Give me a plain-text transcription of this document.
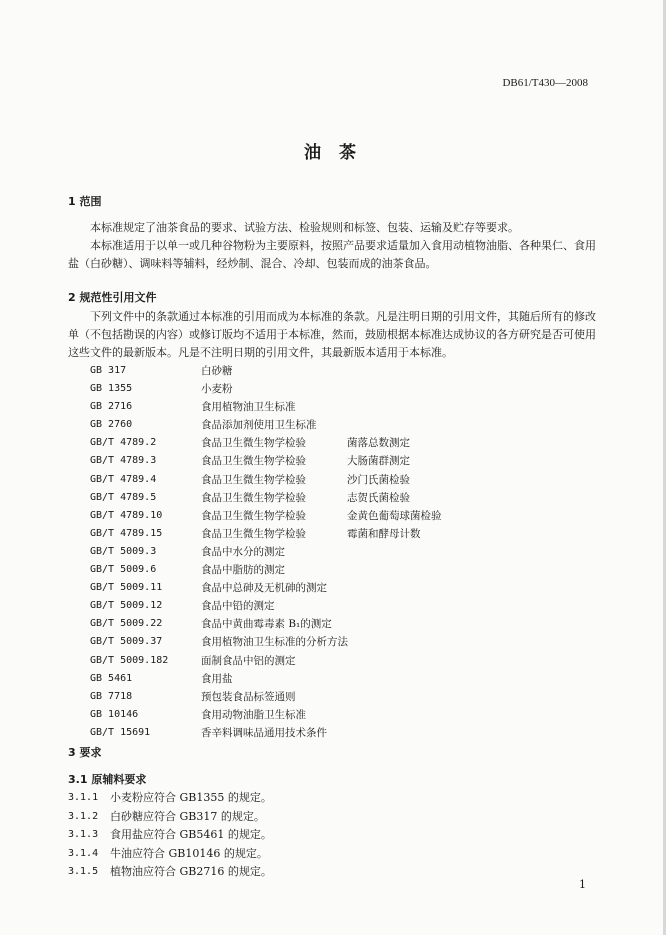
DB61/T430—2008
油 茶
1 范围

本标准规定了油茶食品的要求、试验方法、检验规则和标签、包装、运输及贮存等要求。

本标准适用于以单一或几种谷物粉为主要原料，按照产品要求适量加入食用动植物油脂、各种果仁、食用盐（白砂糖）、调味料等辅料，经炒制、混合、冷却、包装而成的油茶食品。

2 规范性引用文件

下列文件中的条款通过本标准的引用而成为本标准的条款。凡是注明日期的引用文件，其随后所有的修改单（不包括勘误的内容）或修订版均不适用于本标准，然而，鼓励根据本标准达成协议的各方研究是否可使用这些文件的最新版本。凡是不注明日期的引用文件，其最新版本适用于本标准。

GB 317	白砂糖
GB 1355	小麦粉
GB 2716	食用植物油卫生标准
GB 2760	食品添加剂使用卫生标准
GB/T 4789.2	食品卫生微生物学检验	菌落总数测定
GB/T 4789.3	食品卫生微生物学检验	大肠菌群测定
GB/T 4789.4	食品卫生微生物学检验	沙门氏菌检验
GB/T 4789.5	食品卫生微生物学检验	志贺氏菌检验
GB/T 4789.10	食品卫生微生物学检验	金黄色葡萄球菌检验
GB/T 4789.15	食品卫生微生物学检验	霉菌和酵母计数
GB/T 5009.3	食品中水分的测定
GB/T 5009.6	食品中脂肪的测定
GB/T 5009.11	食品中总砷及无机砷的测定
GB/T 5009.12	食品中铅的测定
GB/T 5009.22	食品中黄曲霉毒素 B₁的测定
GB/T 5009.37	食用植物油卫生标准的分析方法
GB/T 5009.182	面制食品中铝的测定
GB 5461	食用盐
GB 7718	预包装食品标签通则
GB 10146	食用动物油脂卫生标准
GB/T 15691	香辛料调味品通用技术条件
3 要求
3.1 原辅料要求
3.1.1	小麦粉应符合 GB1355 的规定。
3.1.2	白砂糖应符合 GB317 的规定。
3.1.3	食用盐应符合 GB5461 的规定。
3.1.4	牛油应符合 GB10146 的规定。
3.1.5	植物油应符合 GB2716 的规定。
1
